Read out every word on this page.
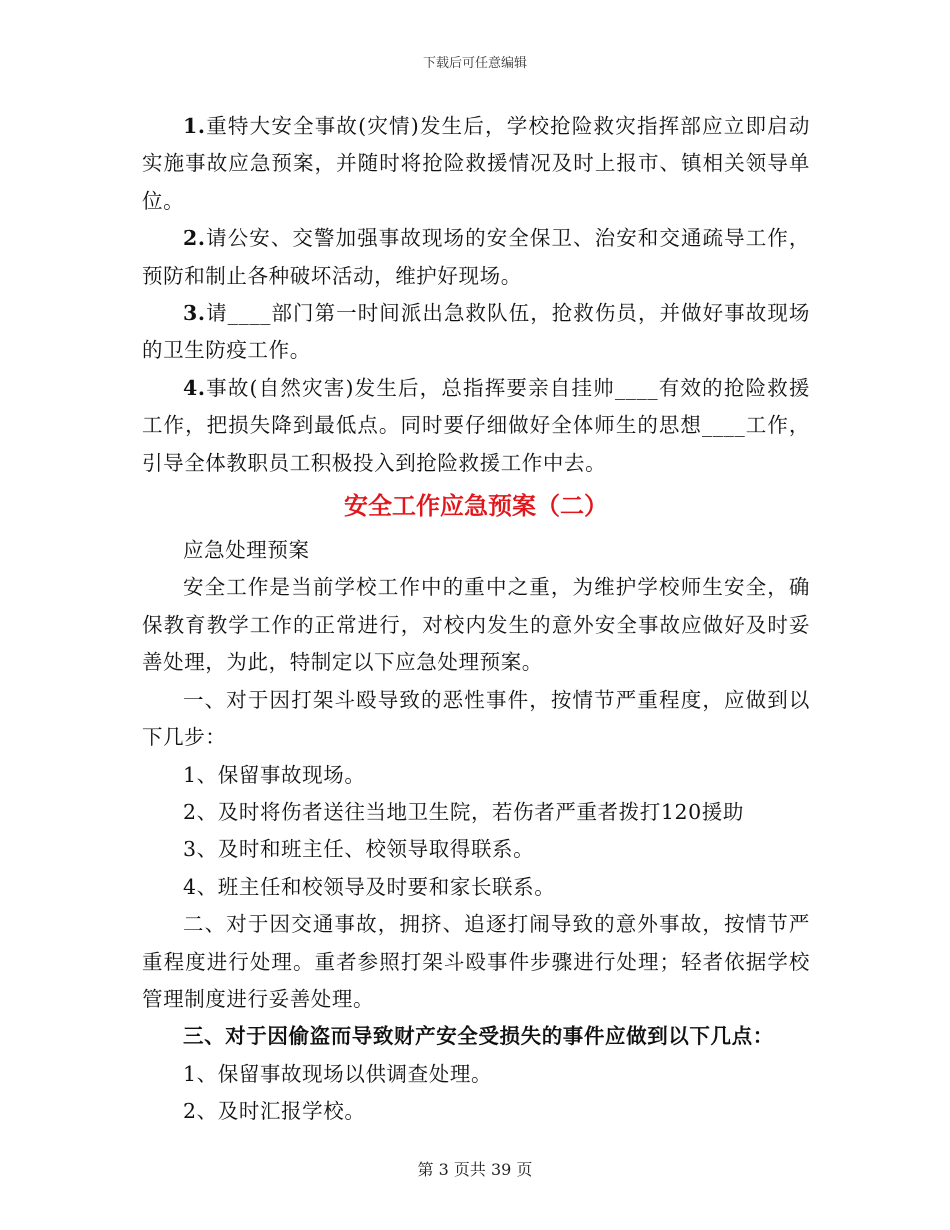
下载后可任意编辑

1.重特大安全事故(灾情)发生后，学校抢险救灾指挥部应立即启动实施事故应急预案，并随时将抢险救援情况及时上报市、镇相关领导单位。

2.请公安、交警加强事故现场的安全保卫、治安和交通疏导工作，预防和制止各种破坏活动，维护好现场。

3.请____部门第一时间派出急救队伍，抢救伤员，并做好事故现场的卫生防疫工作。

4.事故(自然灾害)发生后，总指挥要亲自挂帅____有效的抢险救援工作，把损失降到最低点。同时要仔细做好全体师生的思想____工作，引导全体教职员工积极投入到抢险救援工作中去。

安全工作应急预案（二）

应急处理预案

安全工作是当前学校工作中的重中之重，为维护学校师生安全，确保教育教学工作的正常进行，对校内发生的意外安全事故应做好及时妥善处理，为此，特制定以下应急处理预案。

一、对于因打架斗殴导致的恶性事件，按情节严重程度，应做到以下几步：

1、保留事故现场。

2、及时将伤者送往当地卫生院，若伤者严重者拨打120援助

3、及时和班主任、校领导取得联系。

4、班主任和校领导及时要和家长联系。

二、对于因交通事故，拥挤、追逐打闹导致的意外事故，按情节严重程度进行处理。重者参照打架斗殴事件步骤进行处理；轻者依据学校管理制度进行妥善处理。

三、对于因偷盗而导致财产安全受损失的事件应做到以下几点：

1、保留事故现场以供调查处理。

2、及时汇报学校。

第 3 页共 39 页
